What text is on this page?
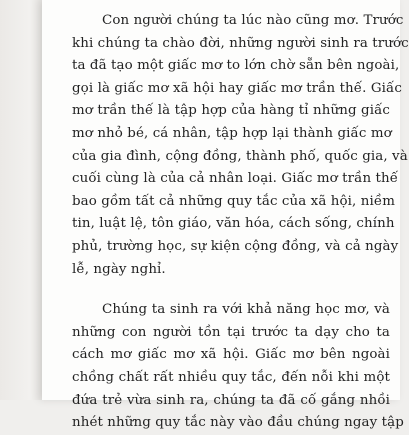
Con người chúng ta lúc nào cũng mơ. Trước
khi chúng ta chào đời, những người sinh ra trước
ta đã tạo một giấc mơ to lớn chờ sẵn bên ngoài,
gọi là giấc mơ xã hội hay giấc mơ trần thế. Giấc
mơ trần thế là tập hợp của hàng tỉ những giấc
mơ nhỏ bé, cá nhân, tập hợp lại thành giấc mơ
của gia đình, cộng đồng, thành phố, quốc gia, và
cuối cùng là của cả nhân loại. Giấc mơ trần thế
bao gồm tất cả những quy tắc của xã hội, niềm
tin, luật lệ, tôn giáo, văn hóa, cách sống, chính
phủ, trường học, sự kiện cộng đồng, và cả ngày
lễ, ngày nghỉ.
Chúng ta sinh ra với khả năng học mơ, và
những con người tồn tại trước ta dạy cho ta
cách mơ giấc mơ xã hội. Giấc mơ bên ngoài
chồng chất rất nhiều quy tắc, đến nỗi khi một
đứa trẻ vừa sinh ra, chúng ta đã cố gắng nhồi
nhét những quy tắc này vào đầu chúng ngay tập
